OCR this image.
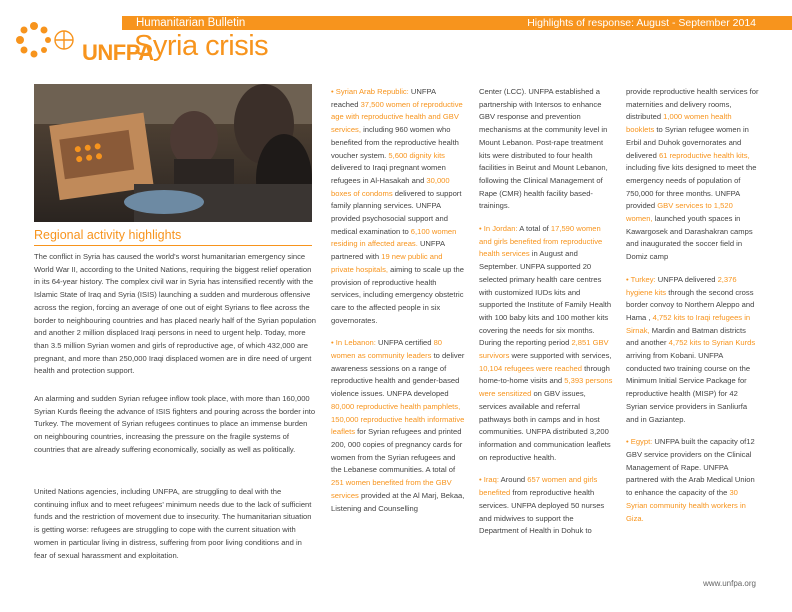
UNFPA
Humanitarian Bulletin	Highlights of response: August - September 2014
Syria crisis
Regional activity highlights

The conflict in Syria has caused the world's worst humanitarian emergency since World War II, according to the United Nations, requiring the biggest relief operation in its 64-year history. The complex civil war in Syria has intensified recently with the Islamic State of Iraq and Syria (ISIS) launching a sudden and murderous offensive across the region, forcing an average of one out of eight Syrians to flee across the border to neighbouring countries and has placed nearly half of the Syrian population and another 2 million displaced Iraqi persons in need to urgent help. Today, more than 3.5 million Syrian women and girls of reproductive age, of which 432,000 are pregnant, and more than 250,000 Iraqi displaced women are in dire need of urgent health and protection support.

An alarming and sudden Syrian refugee inflow took place, with more than 160,000 Syrian Kurds fleeing the advance of ISIS fighters and pouring across the border into Turkey. The movement of Syrian refugees continues to place an immense burden on neighbouring countries, increasing the pressure on the fragile systems of countries that are already suffering economically, socially as well as politically.

United Nations agencies, including UNFPA, are struggling to deal with the continuing influx and to meet refugees' minimum needs due to the lack of sufficient funds and the restriction of movement due to insecurity. The humanitarian situation is getting worse: refugees are struggling to cope with the current situation with women in particular living in distress, suffering from poor living conditions and in fear of sexual harassment and exploitation.

• Syrian Arab Republic: UNFPA reached 37,500 women of reproductive age with reproductive health and GBV services, including 960 women who benefited from the reproductive health voucher system. 5,600 dignity kits delivered to Iraqi pregnant women refugees in Al-Hasakah and 30,000 boxes of condoms delivered to support family planning services. UNFPA provided psychosocial support and medical examination to 6,100 women residing in affected areas. UNFPA partnered with 19 new public and private hospitals, aiming to scale up the provision of reproductive health services, including emergency obstetric care to the affected people in six governorates.

• In Lebanon: UNFPA certified 80 women as community leaders to deliver awareness sessions on a range of reproductive health and gender-based violence issues. UNFPA developed 80,000 reproductive health pamphlets, 150,000 reproductive health informative leaflets for Syrian refugees and printed 200, 000 copies of pregnancy cards for women from the Syrian refugees and the Lebanese communities. A total of 251 women benefited from the GBV services provided at the Al Marj, Bekaa, Listening and Counselling

Center (LCC). UNFPA established a partnership with Intersos to enhance GBV response and prevention mechanisms at the community level in Mount Lebanon. Post-rape treatment kits were distributed to four health facilities in Beirut and Mount Lebanon, following the Clinical Management of Rape (CMR) health facility based-trainings.

• In Jordan: A total of 17,590 women and girls benefited from reproductive health services in August and September. UNFPA supported 20 selected primary health care centres with customized IUDs kits and supported the Institute of Family Health with 100 baby kits and 100 mother kits covering the needs for six months. During the reporting period 2,851 GBV survivors were supported with services, 10,104 refugees were reached through home-to-home visits and 5,393 persons were sensitized on GBV issues, services available and referral pathways both in camps and in host communities. UNFPA distributed 3,200 information and communication leaflets on reproductive health.

• Iraq: Around 657 women and girls benefited from reproductive health services. UNFPA deployed 50 nurses and midwives to support the Department of Health in Dohuk to

provide reproductive health services for maternities and delivery rooms, distributed 1,000 women health booklets to Syrian refugee women in Erbil and Duhok governorates and delivered 61 reproductive health kits, including five kits designed to meet the emergency needs of population of 750,000 for three months. UNFPA provided GBV services to 1,520 women, launched youth spaces in Kawargosek and Darashakran camps and inaugurated the soccer field in Domiz camp

• Turkey: UNFPA delivered 2,376 hygiene kits through the second cross border convoy to Northern Aleppo and Hama , 4,752 kits to Iraqi refugees in Sirnak, Mardin and Batman districts and another 4,752 kits to Syrian Kurds arriving from Kobani. UNFPA conducted two training course on the Minimum Initial Service Package for reproductive health (MISP) for 42 Syrian service providers in Sanliurfa and in Gaziantep.

• Egypt: UNFPA built the capacity of12 GBV service providers on the Clinical Management of Rape. UNFPA partnered with the Arab Medical Union to enhance the capacity of the 30 Syrian community health workers in Giza.

www.unfpa.org
